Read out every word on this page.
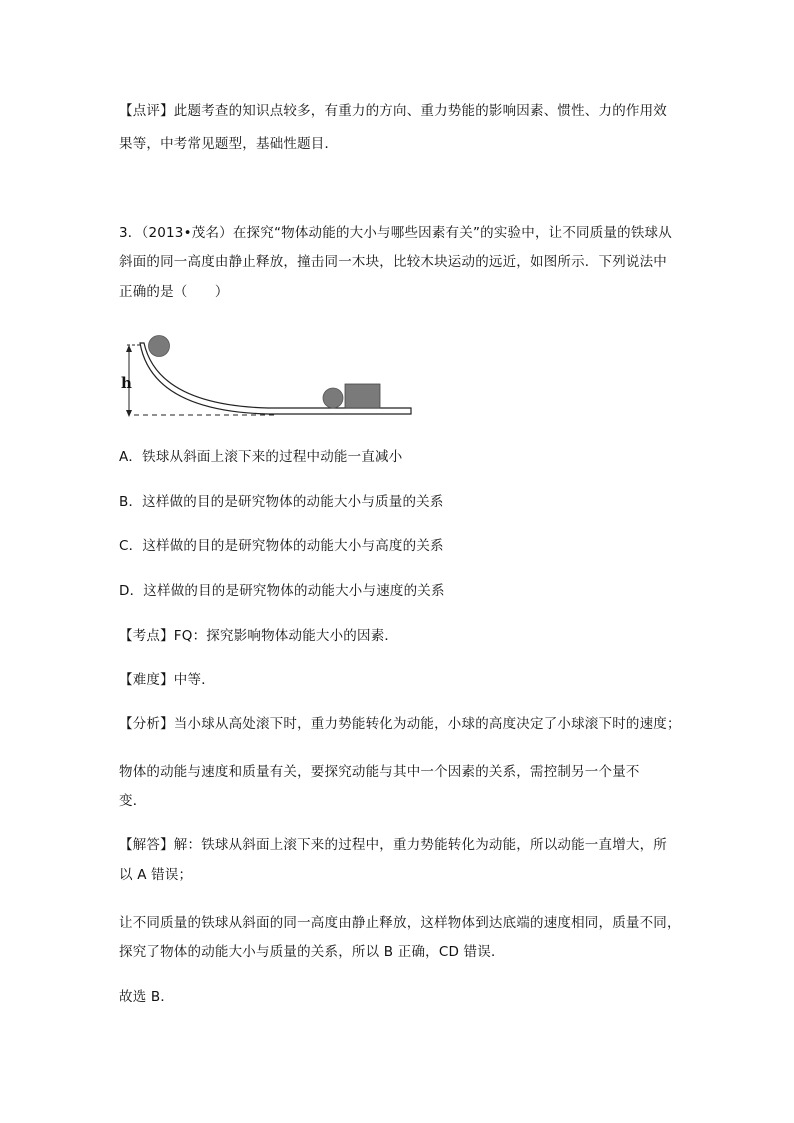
【点评】此题考查的知识点较多，有重力的方向、重力势能的影响因素、惯性、力的作用效
果等，中考常见题型，基础性题目．
3．（2013•茂名）在探究“物体动能的大小与哪些因素有关”的实验中，让不同质量的铁球从
斜面的同一高度由静止释放，撞击同一木块，比较木块运动的远近，如图所示．下列说法中
正确的是（　　）
h
A．铁球从斜面上滚下来的过程中动能一直减小
B．这样做的目的是研究物体的动能大小与质量的关系
C．这样做的目的是研究物体的动能大小与高度的关系
D．这样做的目的是研究物体的动能大小与速度的关系
【考点】FQ：探究影响物体动能大小的因素．
【难度】中等．
【分析】当小球从高处滚下时，重力势能转化为动能，小球的高度决定了小球滚下时的速度；
物体的动能与速度和质量有关，要探究动能与其中一个因素的关系，需控制另一个量不
变．
【解答】解：铁球从斜面上滚下来的过程中，重力势能转化为动能，所以动能一直增大，所
以 A 错误；
让不同质量的铁球从斜面的同一高度由静止释放，这样物体到达底端的速度相同，质量不同，
探究了物体的动能大小与质量的关系，所以 B 正确，CD 错误．
故选 B．
